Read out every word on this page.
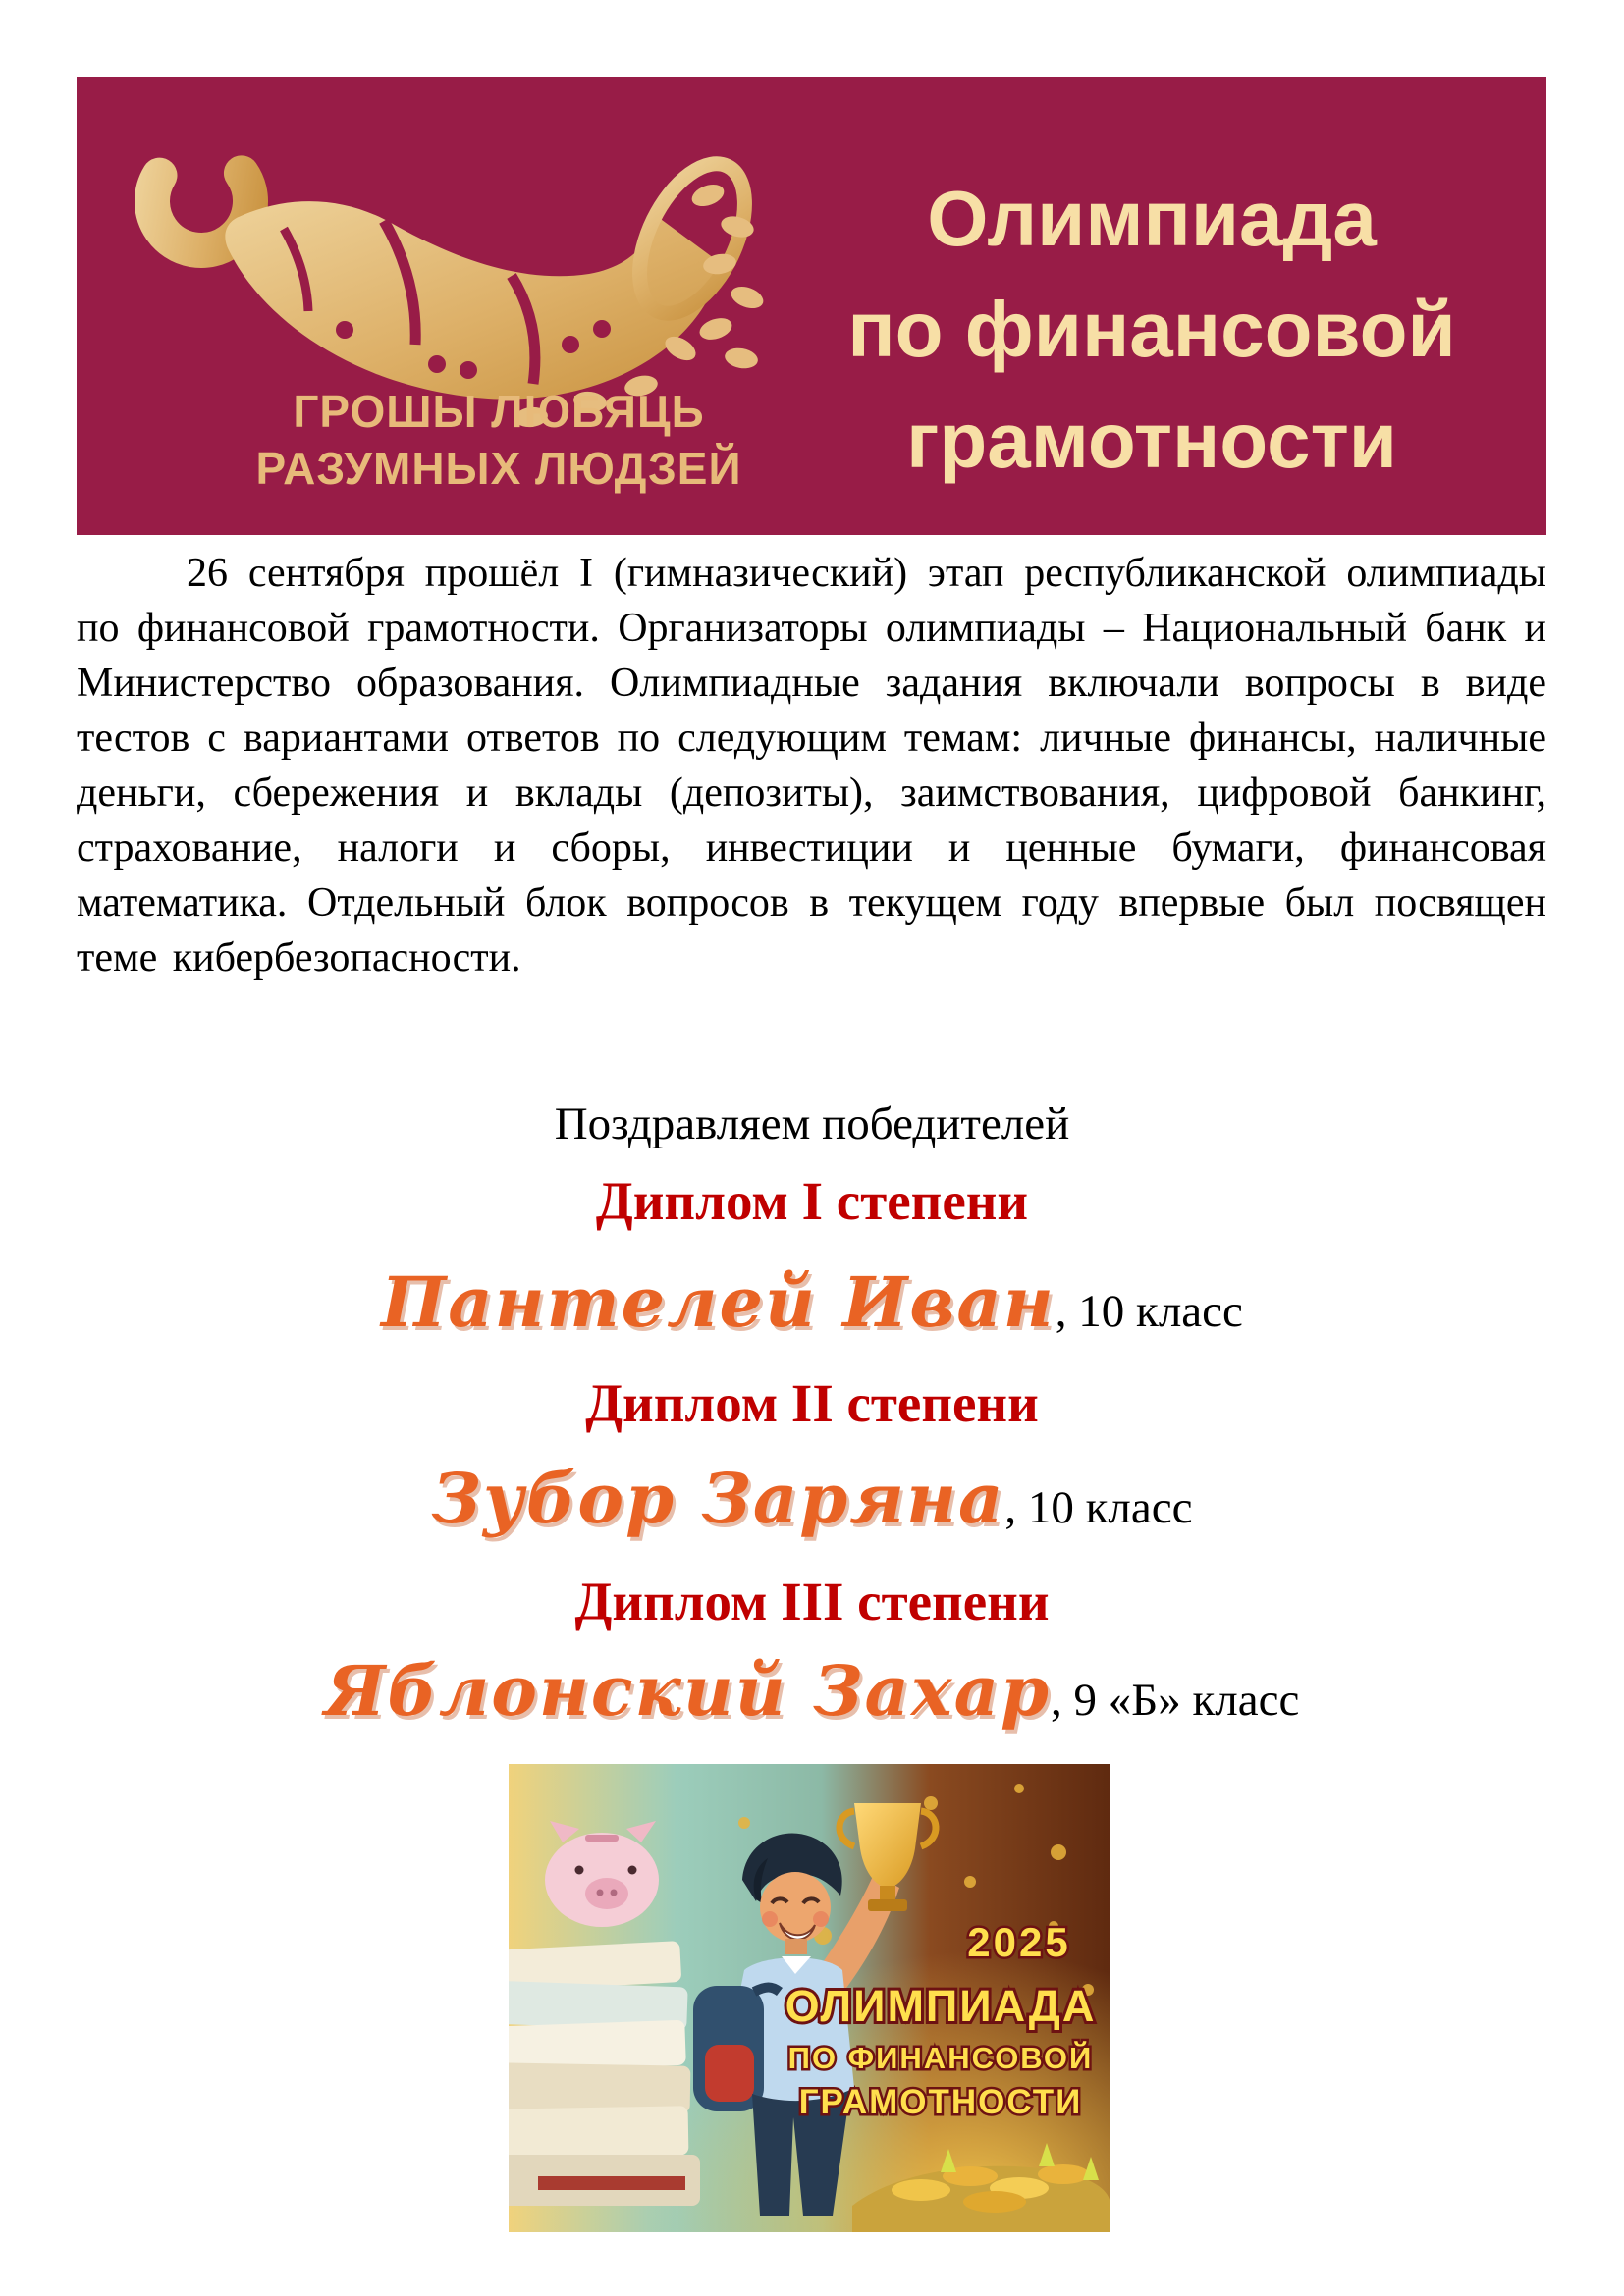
ГРОШЫ ЛЮБЯЦЬ
РАЗУМНЫХ ЛЮДЗЕЙ
Олимпиада
по финансовой
грамотности

26 сентября прошёл I (гимназический) этап республиканской олимпиады по финансовой грамотности. Организаторы олимпиады – Национальный банк и Министерство образования. Олимпиадные задания включали вопросы в виде тестов с вариантами ответов по следующим темам: личные финансы, наличные деньги, сбережения и вклады (депозиты), заимствования, цифровой банкинг, страхование, налоги и сборы, инвестиции и ценные бумаги, финансовая математика. Отдельный блок вопросов в текущем году впервые был посвящен теме кибербезопасности.

Поздравляем победителей
Диплом I степени
Пантелей Иван, 10 класс
Диплом II степени
Зубор Заряна, 10 класс
Диплом III степени
Яблонский Захар, 9 «Б» класс
2025
ОЛИМПИАДА
ПО ФИНАНСОВОЙ
ГРАМОТНОСТИ
